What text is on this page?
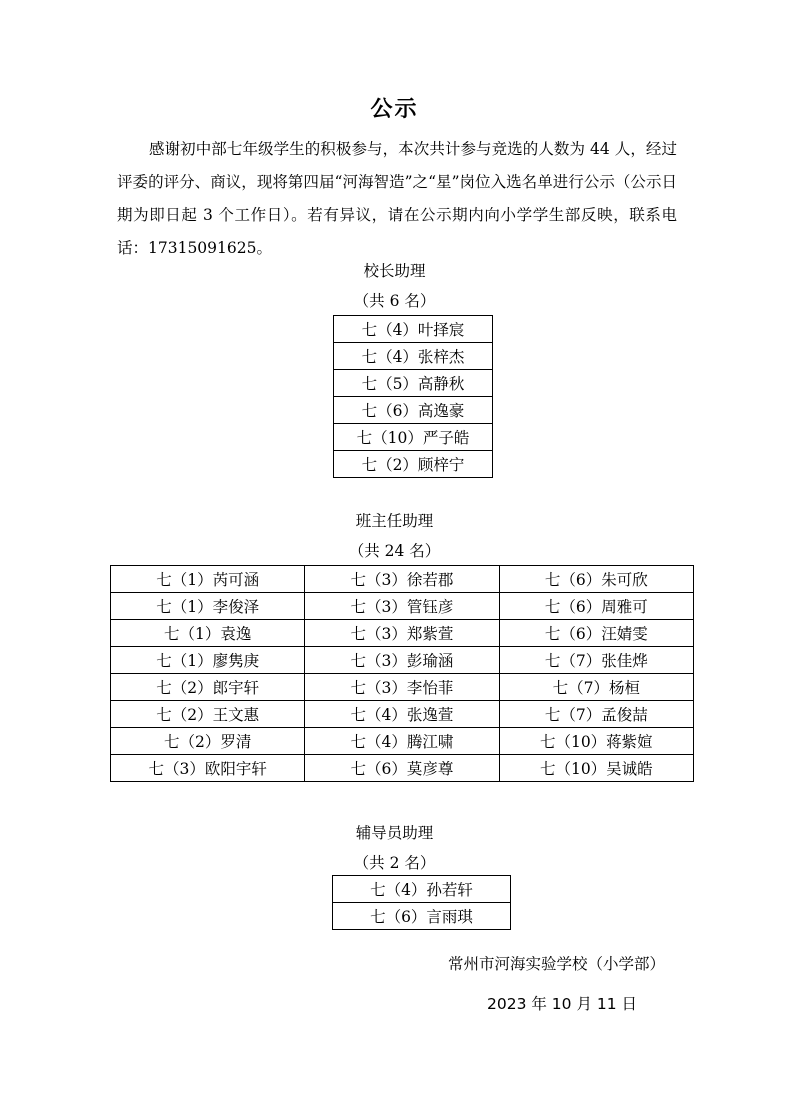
公示
感谢初中部七年级学生的积极参与，本次共计参与竞选的人数为 44 人，经过评委的评分、商议，现将第四届“河海智造”之“星”岗位入选名单进行公示（公示日期为即日起 3 个工作日）。若有异议，请在公示期内向小学学生部反映，联系电话：17315091625。
校长助理
（共 6 名）
七（4）叶择宸
七（4）张梓杰
七（5）高静秋
七（6）高逸豪
七（10）严子皓
七（2）顾梓宁
班主任助理
（共 24 名）
七（1）芮可涵	七（3）徐若郡	七（6）朱可欣
七（1）李俊泽	七（3）管钰彦	七（6）周雅可
七（1）袁逸	七（3）郑紫萱	七（6）汪婧雯
七（1）廖隽庚	七（3）彭瑜涵	七（7）张佳烨
七（2）郎宇轩	七（3）李怡菲	七（7）杨桓
七（2）王文惠	七（4）张逸萱	七（7）孟俊喆
七（2）罗清	七（4）腾江啸	七（10）蒋紫媗
七（3）欧阳宇轩	七（6）莫彦尊	七（10）吴诚皓
辅导员助理
（共 2 名）
七（4）孙若轩
七（6）言雨琪
常州市河海实验学校（小学部）
2023 年 10 月 11 日
